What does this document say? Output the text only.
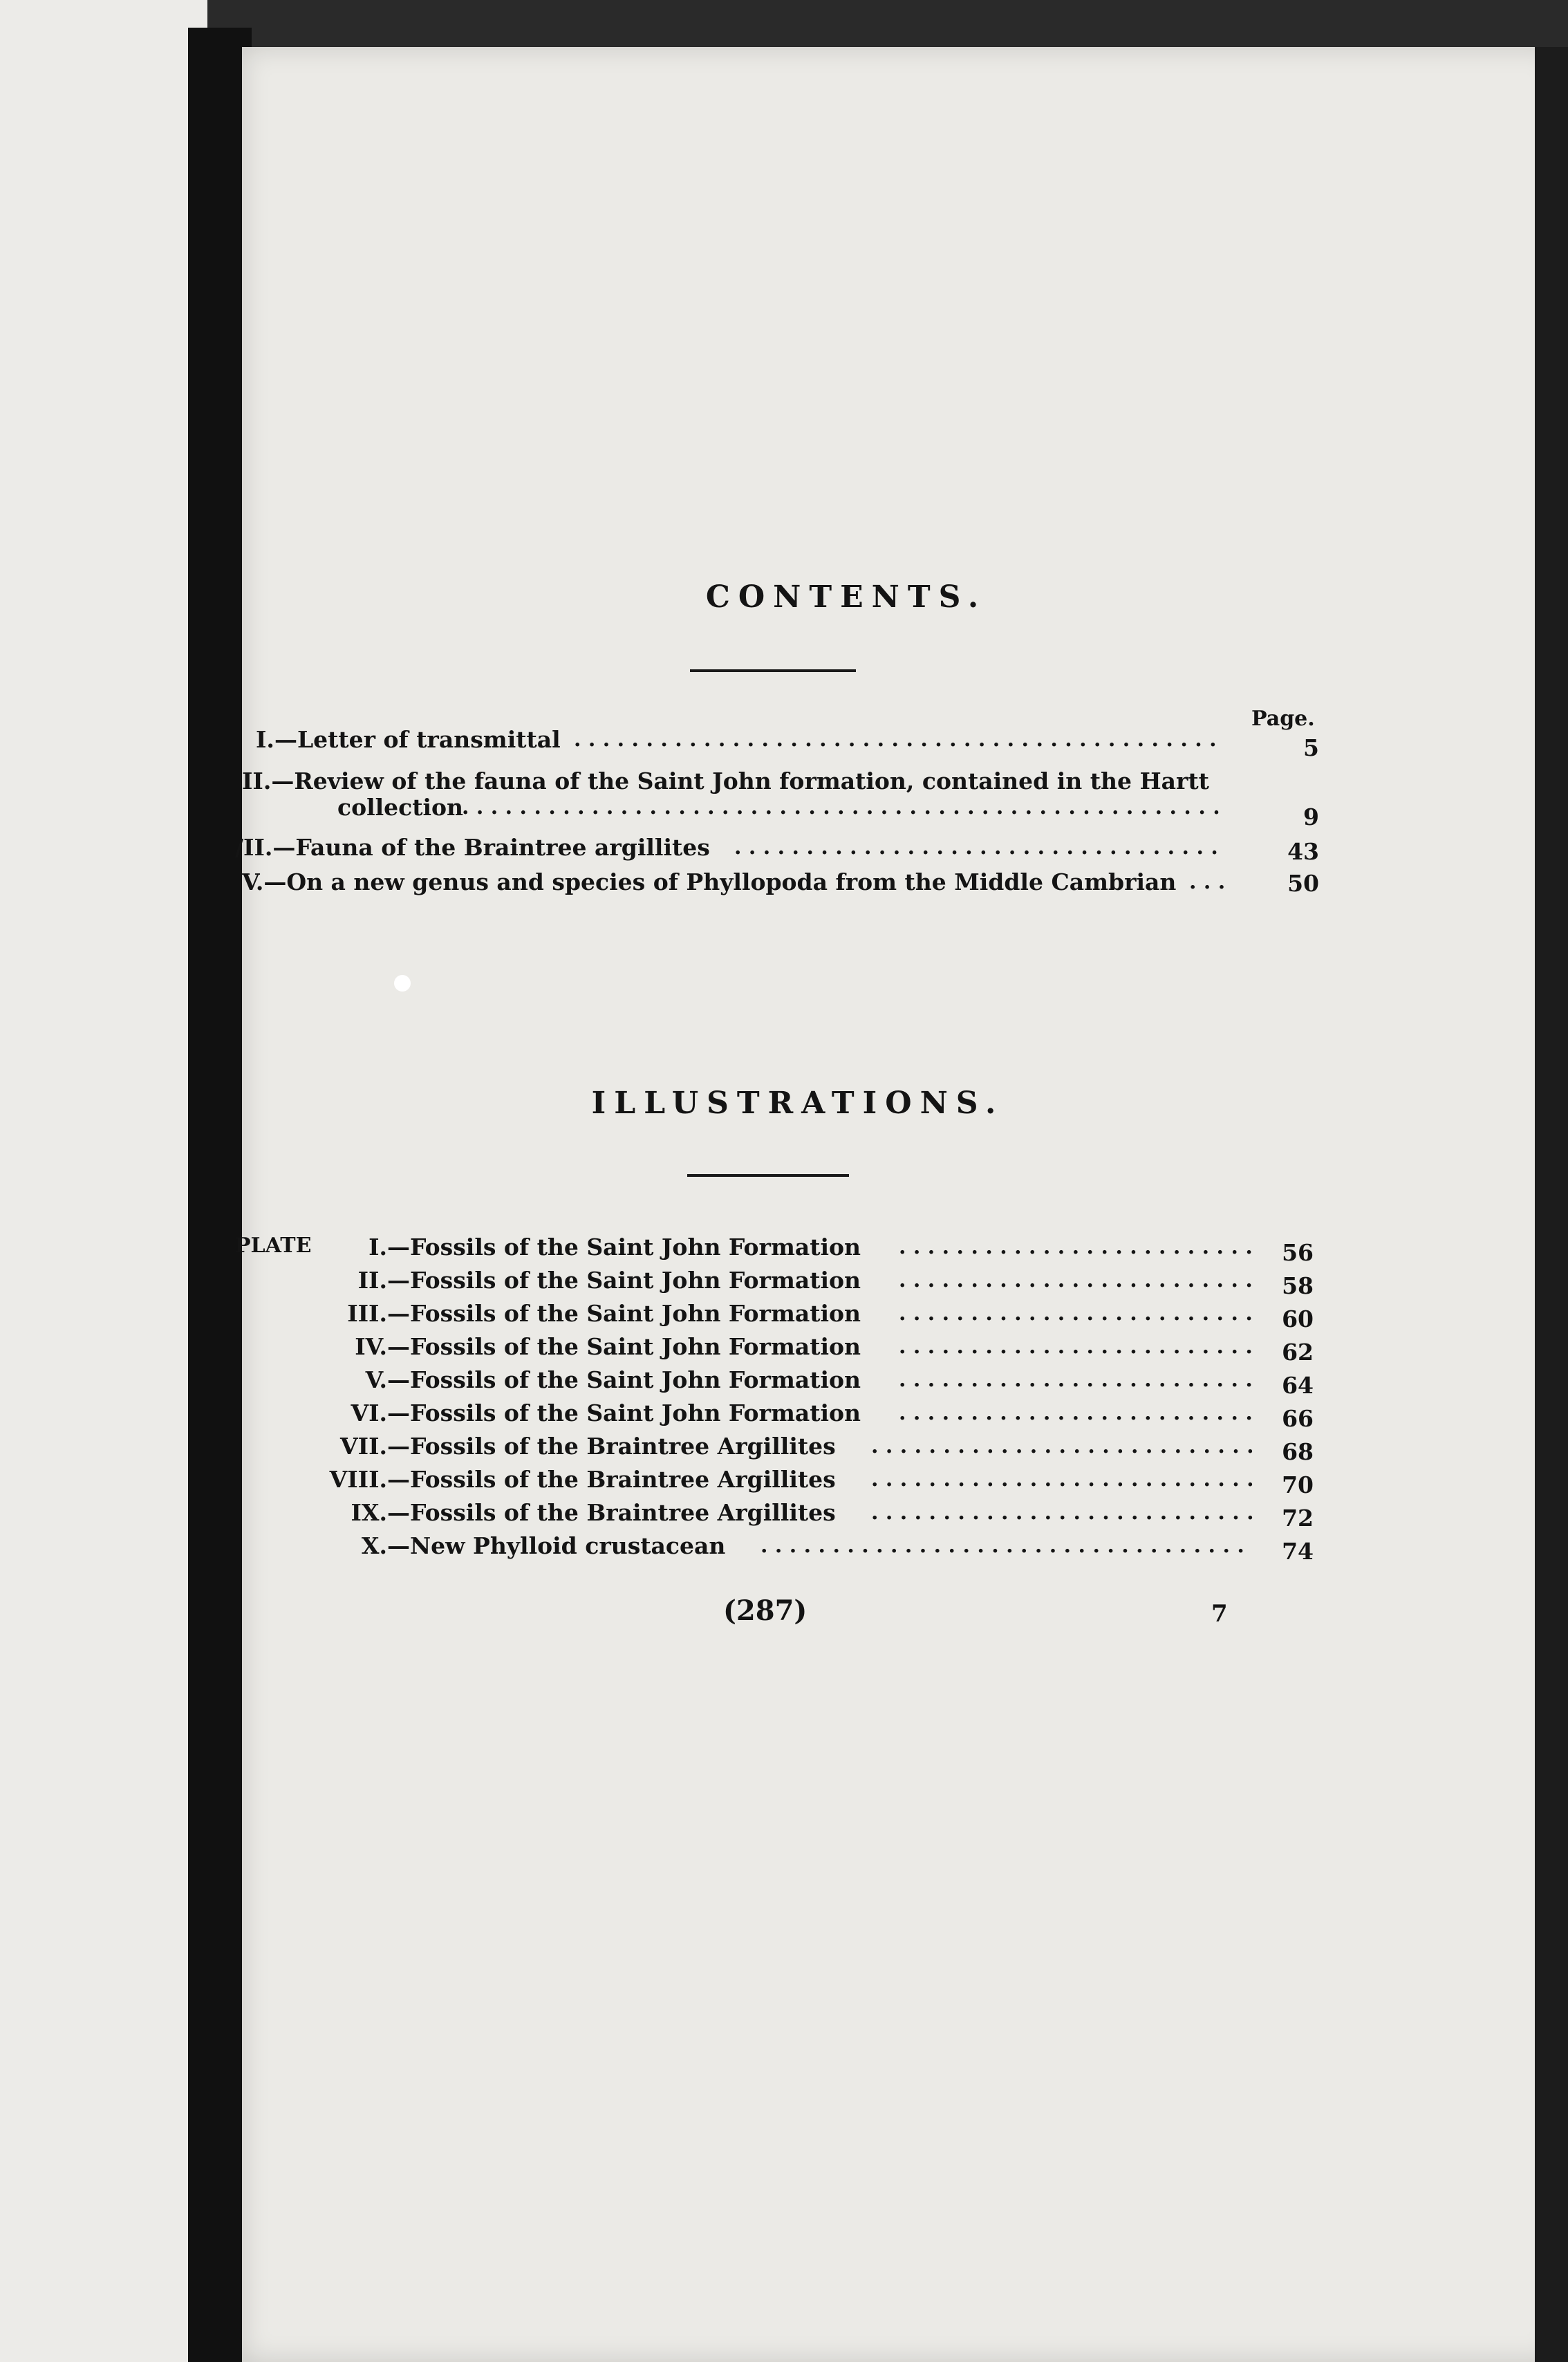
CONTENTS.
Page.
I.—Letter of transmittal . . .	5
II.—Review of the fauna of the Saint John formation, contained in the Hartt
collection . . .	9
/II.—Fauna of the Braintree argillites . . .	43
V.—On a new genus and species of Phyllopoda from the Middle Cambrian . . .	50
ILLUSTRATIONS.
PLATE	I.—Fossils of the Saint John Formation . . .	56
II.—Fossils of the Saint John Formation . . .	58
III.—Fossils of the Saint John Formation . . .	60
IV.—Fossils of the Saint John Formation . . .	62
V.—Fossils of the Saint John Formation . . .	64
VI.—Fossils of the Saint John Formation . . .	66
VII.—Fossils of the Braintree Argillites . . .	68
VIII.—Fossils of the Braintree Argillites . . .	70
IX.—Fossils of the Braintree Argillites . . .	72
X.—New Phylloid crustacean . . .	74
(287)	7
